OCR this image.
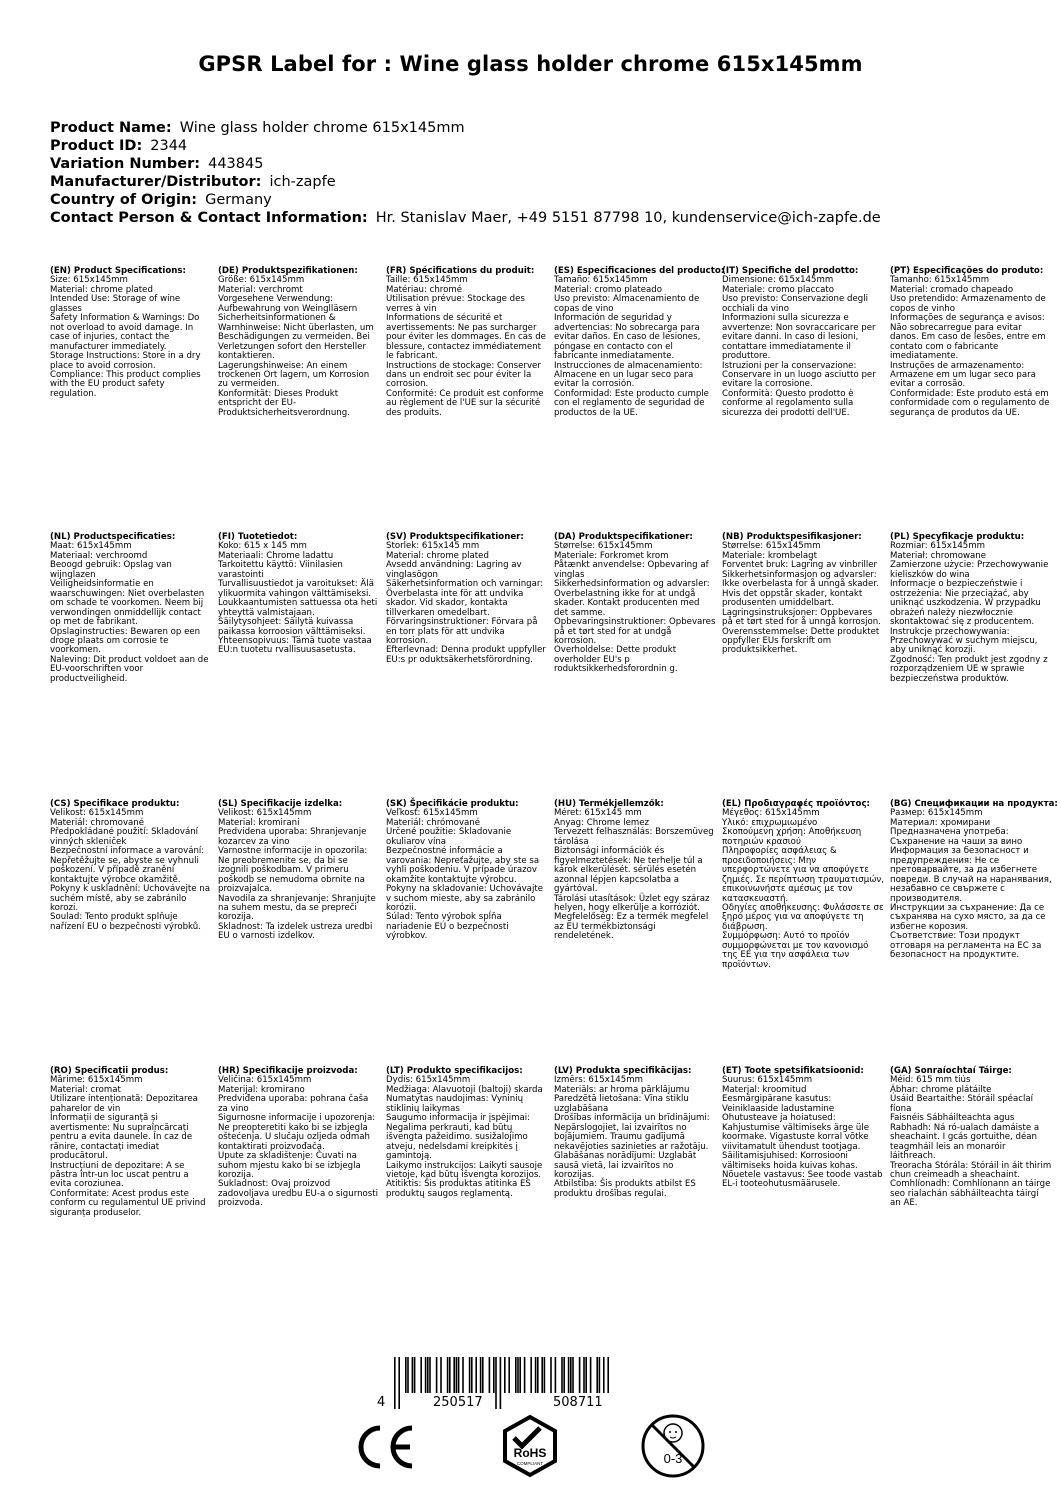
GPSR Label for : Wine glass holder chrome 615x145mm
Product Name: Wine glass holder chrome 615x145mm
Product ID: 2344
Variation Number: 443845
Manufacturer/Distributor: ich-zapfe
Country of Origin: Germany
Contact Person & Contact Information: Hr. Stanislav Maer, +49 5151 87798 10, kundenservice@ich-zapfe.de
(EN) Product Specifications:
Size: 615x145mm
Material: chrome plated
Intended Use: Storage of wine glasses
Safety Information & Warnings: Do not overload to avoid damage. In case of injuries, contact the manufacturer immediately.
Storage Instructions: Store in a dry place to avoid corrosion.
Compliance: This product complies with the EU product safety regulation.
(DE) Produktspezifikationen:
Größe: 615x145mm
Material: verchromt
Vorgesehene Verwendung: Aufbewahrung von Weinglläsern
Sicherheitsinformationen & Warnhinweise: Nicht überlasten, um Beschädigungen zu vermeiden. Bei Verletzungen sofort den Hersteller kontaktieren.
Lagerungshinweise: An einem trockenen Ort lagern, um Korrosion zu vermeiden.
Konformität: Dieses Produkt entspricht der EU-Produktsicherheitsverordnung.
(FR) Spécifications du produit:
Taille: 615x145mm
Matériau: chromé
Utilisation prévue: Stockage des verres à vin
Informations de sécurité et avertissements: Ne pas surcharger pour éviter les dommages. En cas de blessure, contactez immédiatement le fabricant.
Instructions de stockage: Conserver dans un endroit sec pour éviter la corrosion.
Conformité: Ce produit est conforme au règlement de l'UE sur la sécurité des produits.
(ES) Especificaciones del producto:
Tamaño: 615x145mm
Material: cromo plateado
Uso previsto: Almacenamiento de copas de vino
Información de seguridad y advertencias: No sobrecarga para evitar daños. En caso de lesiones, póngase en contacto con el fabricante inmediatamente.
Instrucciones de almacenamiento: Almacene en un lugar seco para evitar la corrosión.
Conformidad: Este producto cumple con el reglamento de seguridad de productos de la UE.
(IT) Specifiche del prodotto:
Dimensione: 615x145mm
Materiale: cromo placcato
Uso previsto: Conservazione degli occhiali da vino
Informazioni sulla sicurezza e avvertenze: Non sovraccaricare per evitare danni. In caso di lesioni, contattare immediatamente il produttore.
Istruzioni per la conservazione: Conservare in un luogo asciutto per evitare la corrosione.
Conformità: Questo prodotto è conforme al regolamento sulla sicurezza dei prodotti dell'UE.
(PT) Especificações do produto:
Tamanho: 615x145mm
Material: cromado chapeado
Uso pretendido: Armazenamento de copos de vinho
Informações de segurança e avisos: Não sobrecarregue para evitar danos. Em caso de lesões, entre em contato com o fabricante imediatamente.
Instruções de armazenamento: Armazene em um lugar seco para evitar a corrosão.
Conformidade: Este produto está em conformidade com o regulamento de segurança de produtos da UE.
(NL) Productspecificaties:
Maat: 615x145mm
Materiaal: verchroomd
Beoogd gebruik: Opslag van wijnglazen
Veiligheidsinformatie en waarschuwingen: Niet overbelasten om schade te voorkomen. Neem bij verwondingen onmiddellijk contact op met de fabrikant.
Opslaginstructies: Bewaren op een droge plaats om corrosie te voorkomen.
Naleving: Dit product voldoet aan de EU-voorschriften voor productveiligheid.
(FI) Tuotetiedot:
Koko: 615 x 145 mm
Materiaali: Chrome ladattu
Tarkoitettu käyttö: Viinilasien varastointi
Turvallisuustiedot ja varoitukset: Älä ylikuormita vahingon välttämiseksi. Loukkaantumisten sattuessa ota heti yhteyttä valmistajaan.
Säilytysohjeet: Säilytä kuivassa paikassa korroosion välttämiseksi.
Yhteensopivuus: Tämä tuote vastaa EU:n tuotetu rvallisuusasetusta.
(SV) Produktspecifikationer:
Storlek: 615x145 mm
Material: chrome plated
Avsedd användning: Lagring av vinglasögon
Säkerhetsinformation och varningar: Överbelasta inte för att undvika skador. Vid skador, kontakta tillverkaren omedelbart.
Förvaringsinstruktioner: Förvara på en torr plats för att undvika korrosion.
Efterlevnad: Denna produkt uppfyller EU:s pr oduktsäkerhetsförordning.
(DA) Produktspecifikationer:
Størrelse: 615x145mm
Materiale: Forkromet krom
Påtænkt anvendelse: Opbevaring af vinglas
Sikkerhedsinformation og advarsler: Overbelastning ikke for at undgå skader. Kontakt producenten med det samme.
Opbevaringsinstruktioner: Opbevares på et tørt sted for at undgå korrosion.
Overholdelse: Dette produkt overholder EU's p roduktsikkerhedsforordnin g.
(NB) Produktspesifikasjoner:
Størrelse: 615x145mm
Materiale: krombelagt
Forventet bruk: Lagring av vinbriller
Sikkerhetsinformasjon og advarsler: Ikke overbelasta for å unngå skader. Hvis det oppstår skader, kontakt produsenten umiddelbart.
Lagringsinstruksjoner: Oppbevares på et tørt sted for å unngå korrosjon.
Overensstemmelse: Dette produktet oppfyller EUs forskrift om produktsikkerhet.
(PL) Specyfikacje produktu:
Rozmiar: 615x145mm
Materiał: chromowane
Zamierzone użycie: Przechowywanie kieliszków do wina
Informacje o bezpieczeństwie i ostrzeżenia: Nie przeciążać, aby uniknąć uszkodzenia. W przypadku obrażeń należy niezwłocznie skontaktować się z producentem.
Instrukcje przechowywania: Przechowywać w suchym miejscu, aby uniknąć korozji.
Zgodność: Ten produkt jest zgodny z rozporządzeniem UE w sprawie bezpieczeństwa produktów.
(CS) Specifikace produktu:
Velikost: 615x145mm
Materiál: chromované
Předpokládané použití: Skladování vinných skleniček
Bezpečnostní informace a varování: Nepřetěžujte se, abyste se vyhnuli poškození. V případě zranění kontaktujte výrobce okamžitě.
Pokyny k uskladnění: Uchovávejte na suchém místě, aby se zabránilo korozi.
Soulad: Tento produkt splňuje nařízení EU o bezpečnosti výrobků.
(SL) Specifikacije izdelka:
Velikost: 615x145mm
Material: kromirani
Predvidena uporaba: Shranjevanje kozarcev za vino
Varnostne informacije in opozorila: Ne preobremenite se, da bi se izognili poškodbam. V primeru poškodb se nemudoma obrnite na proizvajalca.
Navodila za shranjevanje: Shranjujte na suhem mestu, da se prepreči korozija.
Skladnost: Ta izdelek ustreza uredbi EU o varnosti izdelkov.
(SK) Špecifikácie produktu:
Veľkosť: 615x145mm
Materiál: chrómované
Určené použitie: Skladovanie okuliarov vína
Bezpečnostné informácie a varovania: Nepreťažujte, aby ste sa vyhli poškodeniu. V prípade úrazov okamžite kontaktujte výrobcu.
Pokyny na skladovanie: Uchovávajte v suchom mieste, aby sa zabránilo korózii.
Súlad: Tento výrobok spĺňa nariadenie EÚ o bezpečnosti výrobkov.
(HU) Termékjellemzők:
Méret: 615x145 mm
Anyag: Chrome lemez
Tervezett felhasználás: Borszemüveg tárolása
Biztonsági információk és figyelmeztetések: Ne terhelje túl a károk elkerülését. sérülés esetén azonnal lépjen kapcsolatba a gyártóval.
Tárolási utasítások: Üzlet egy száraz helyen, hogy elkerülje a korróziót.
Megfelelőség: Ez a termék megfelel az EU termékbiztonsági rendeletének.
(EL) Προδιαγραφές προϊόντος:
Μέγεθος: 615x145mm
Υλικό: επιχρωμιωμένο
Σκοπούμενη χρήση: Αποθήκευση ποτηριών κρασιού
Πληροφορίες ασφάλειας & προειδοποιήσεις: Μην υπερφορτώνετε για να αποφύγετε ζημιές. Σε περίπτωση τραυματισμών, επικοινωνήστε αμέσως με τον κατασκευαστή.
Οδηγίες αποθήκευσης: Φυλάσσετε σε ξηρό μέρος για να αποφύγετε τη διάβρωση.
Συμμόρφωση: Αυτό το προϊόν συμμορφώνεται με τον κανονισμό της ΕΕ για την ασφάλεια των προϊόντων.
(BG) Спецификации на продукта:
Размер: 615x145mm
Материал: хромирани
Предназначена употреба: Съхранение на чаши за вино
Информация за безопасност и предупреждения: Не се претоварвайте, за да избегнете повреди. В случай на наранявания, незабавно се свържете с производителя.
Инструкции за съхранение: Да се съхранява на сухо място, за да се избегне корозия.
Съответствие: Този продукт отговаря на регламента на ЕС за безопасност на продуктите.
(RO) Specificații produs:
Mărime: 615x145mm
Material: cromat
Utilizare intenționată: Depozitarea paharelor de vin
Informații de siguranță și avertismente: Nu supraîncărcați pentru a evita daunele. În caz de rănire, contactați imediat producătorul.
Instrucțiuni de depozitare: A se păstra într-un loc uscat pentru a evita coroziunea.
Conformitate: Acest produs este conform cu regulamentul UE privind siguranța produselor.
(HR) Specifikacije proizvoda:
Veličina: 615x145mm
Materijal: kromirano
Predviđena uporaba: pohrana čaša za vino
Sigurnosne informacije i upozorenja: Ne preopteretiti kako bi se izbjegla oštećenja. U slučaju ozljeda odmah kontaktirati proizvođača.
Upute za skladištenje: Čuvati na suhom mjestu kako bi se izbjegla korozija.
Sukladnost: Ovaj proizvod zadovoljava uredbu EU-a o sigurnosti proizvoda.
(LT) Produkto specifikacijos:
Dydis: 615x145mm
Medžiaga: Alavuotoji (baltoji) skarda
Numatytas naudojimas: Vyninių stiklinių laikymas
Saugumo informacija ir įspėjimai: Negalima perkrauti, kad būtų išvengta pažeidimo. susižalojimo atveju, nedelsdami kreipkitės į gamintoją.
Laikymo instrukcijos: Laikyti sausoje vietoje, kad būtų išvengta korozijos.
Atitiktis: Šis produktas atitinka ES produktų saugos reglamentą.
(LV) Produkta specifikācijas:
Izmērs: 615x145mm
Materiāls: ar hroma pārklājumu
Paredzētā lietošana: Vīna stiklu uzglabāšana
Drošības informācija un brīdinājumi: Nepārslogojiet, lai izvairītos no bojājumiem. Traumu gadījumā nekavējoties sazinieties ar ražotāju.
Glabāšanas norādījumi: Uzglabāt sausā vietā, lai izvairītos no korozijas.
Atbilstība: Šis produkts atbilst ES produktu drošības regulai.
(ET) Toote spetsifikatsioonid:
Suurus: 615x145mm
Materjal: kroomitud
Eesmärgipärane kasutus: Veiniklaaside ladustamine
Ohutusteave ja hoiatused: Kahjustumise vältimiseks ärge üle koormake. Vigastuste korral võtke viivitamatult ühendust tootjaga.
Säilitamisjuhised: Korrosiooni vältimiseks hoida kuivas kohas.
Nõuetele vastavus: See toode vastab EL-i tooteohutusmäärusele.
(GA) Sonraíochtaí Táirge:
Méid: 615 mm tiús
Ábhar: chrome plátáilte
Úsáid Beartaithe: Stóráil spéaclaí fíona
Faisnéis Sábháilteachta agus Rabhadh: Ná ró-ualach damáiste a sheachaint. I gcás gortuithe, déan teagmháil leis an monaróir láithreach.
Treoracha Stórála: Stóráil in áit thirim chun creimeadh a sheachaint.
Comhlíonadh: Comhlíonann an táirge seo rialachán sábháilteachta táirgí an AE.
4	250517	508711
RoHS
COMPLIANT	0-3
